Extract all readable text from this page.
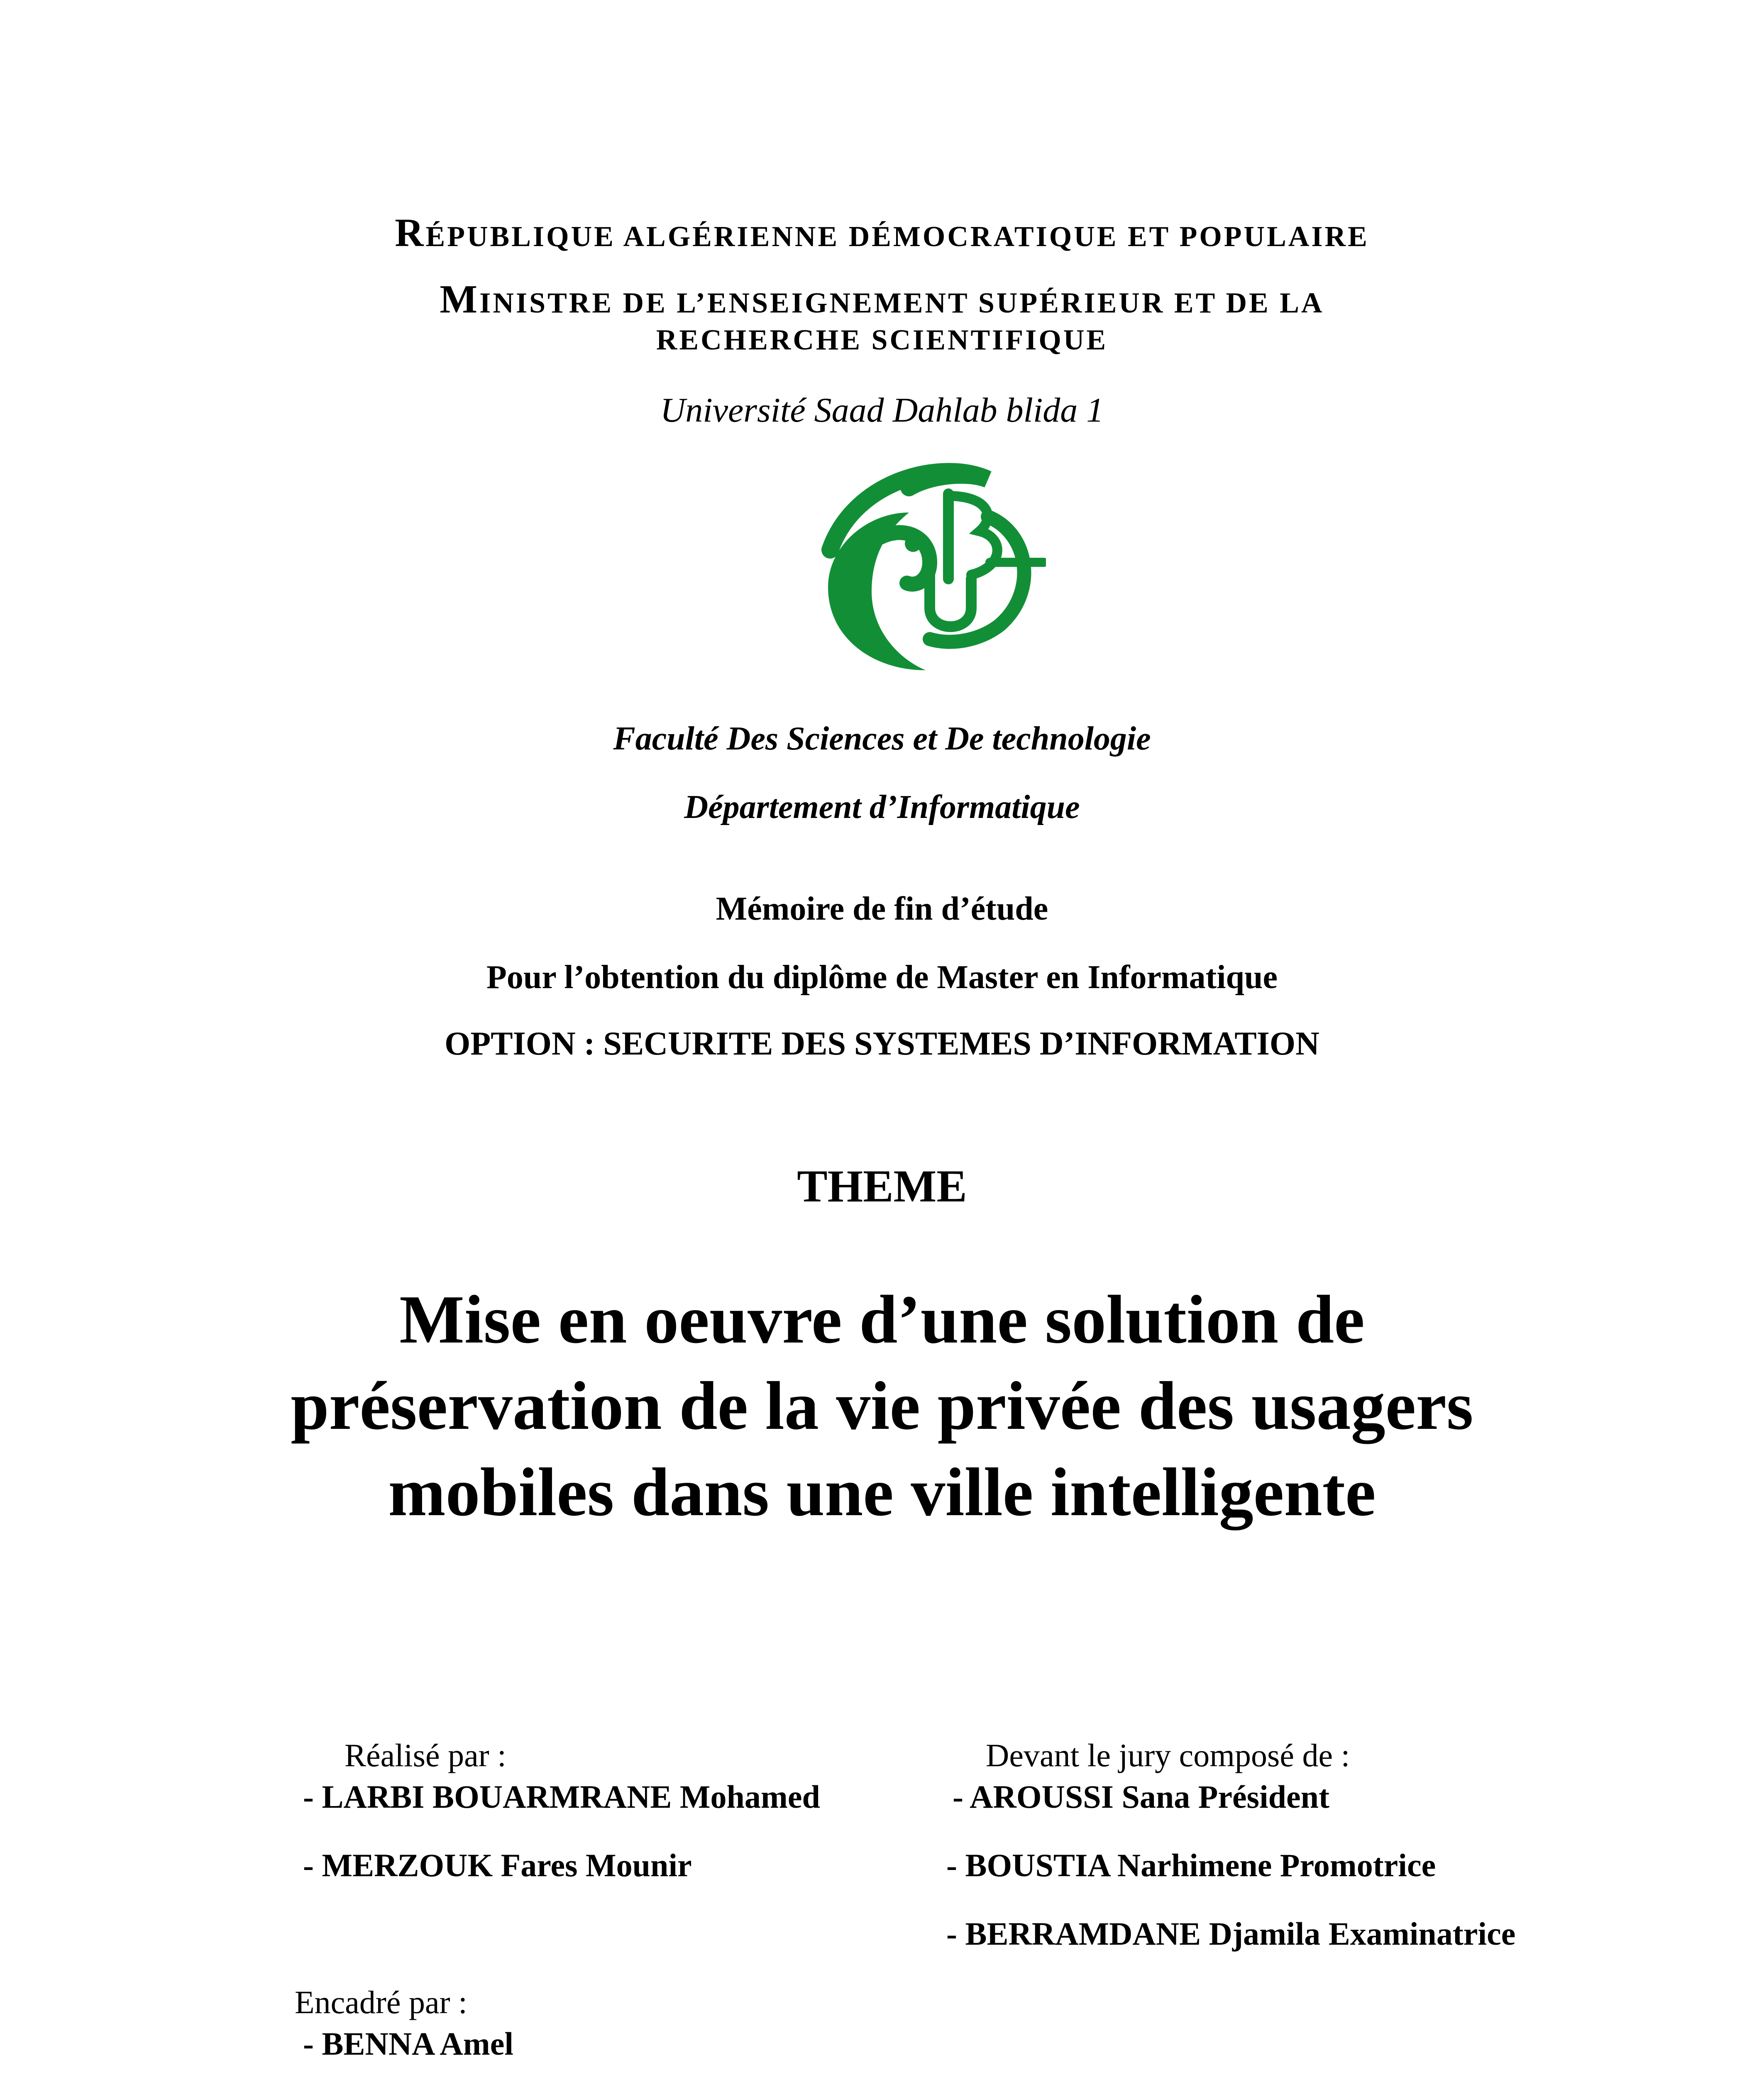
RÉPUBLIQUE ALGÉRIENNE DÉMOCRATIQUE ET POPULAIRE
MINISTRE DE L’ENSEIGNEMENT SUPÉRIEUR ET DE LA
RECHERCHE SCIENTIFIQUE
Université Saad Dahlab blida 1
Faculté Des Sciences et De technologie
Département d’Informatique
Mémoire de fin d’étude
Pour l’obtention du diplôme de Master en Informatique
OPTION : SECURITE DES SYSTEMES D’INFORMATION
THEME
Mise en oeuvre d’une solution de
préservation de la vie privée des usagers
mobiles dans une ville intelligente
Réalisé par :
- LARBI BOUARMRANE Mohamed
- MERZOUK Fares Mounir
Devant le jury composé de :
- AROUSSI Sana Président
- BOUSTIA Narhimene Promotrice
- BERRAMDANE Djamila Examinatrice
Encadré par :
- BENNA Amel
